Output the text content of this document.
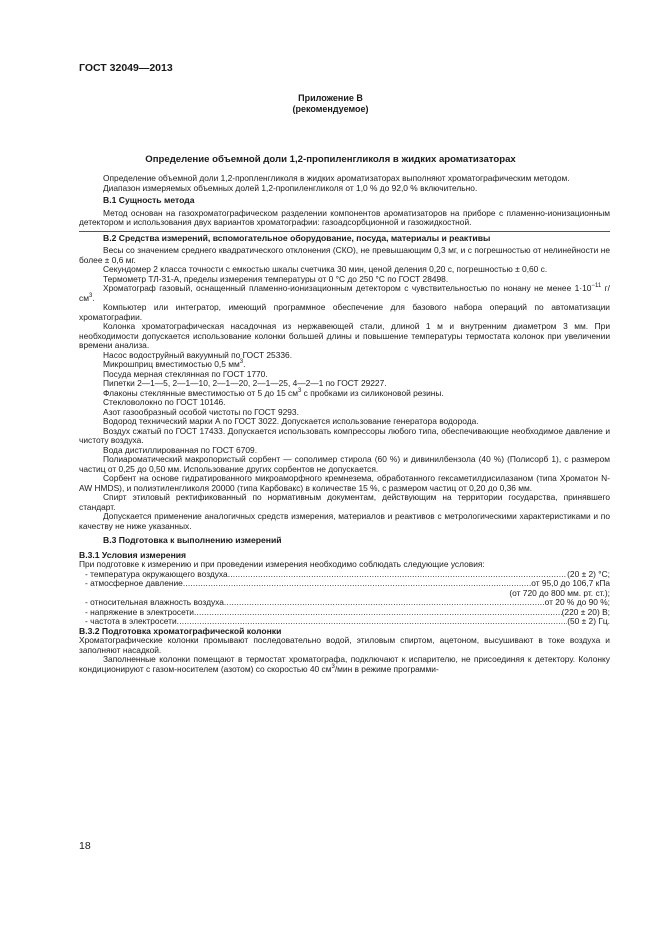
ГОСТ 32049—2013
Приложение В
(рекомендуемое)
Определение объемной доли 1,2-пропиленгликоля в жидких ароматизаторах

Определение объемной доли 1,2-пропленгликоля в жидких ароматизаторах выполняют хроматографическим методом.

Диапазон измеряемых объемных долей 1,2-пропиленгликоля от 1,0 % до 92,0 % включительно.

В.1 Сущность метода

Метод основан на газохроматографическом разделении компонентов ароматизаторов на приборе с пламенно-ионизационным детектором и использования двух вариантов хроматографии: газоадсорбционной и газожидкостной.

В.2 Средства измерений, вспомогательное оборудование, посуда, материалы и реактивы

Весы со значением среднего квадратического отклонения (СКО), не превышающим 0,3 мг, и с погрешностью от нелинейности не более ± 0,6 мг.

Секундомер 2 класса точности с емкостью шкалы счетчика 30 мин, ценой деления 0,20 с, погрешностью ± 0,60 с.

Термометр ТЛ-31-А, пределы измерения температуры от 0 °С до 250 °С по ГОСТ 28498.

Хроматограф газовый, оснащенный пламенно-ионизационным детектором с чувствительностью по нонану не менее $1\cdot 10^{-11}$ $г/см^3$.

Компьютер или интегратор, имеющий программное обеспечение для базового набора операций по автоматизации хроматографии.

Колонка хроматографическая насадочная из нержавеющей стали, длиной 1 м и внутренним диаметром 3 мм. При необходимости допускается использование колонки большей длины и повышение температуры термостата колонок при увеличении времени анализа.

Насос водоструйный вакуумный по ГОСТ 25336.

Микрошприц вместимостью 0,5 $мм^3$.

Посуда мерная стеклянная по ГОСТ 1770.

Пипетки 2—1—5, 2—1—10, 2—1—20, 2—1—25, 4—2—1 по ГОСТ 29227.

Флаконы стеклянные вместимостью от 5 до 15 $см^3$ с пробками из силиконовой резины.

Стекловолокно по ГОСТ 10146.

Азот газообразный особой чистоты по ГОСТ 9293.

Водород технический марки А по ГОСТ 3022. Допускается использование генератора водорода.

Воздух сжатый по ГОСТ 17433. Допускается использовать компрессоры любого типа, обеспечивающие необходимое давление и чистоту воздуха.

Вода дистиллированная по ГОСТ 6709.

Полиароматический макропористый сорбент — сополимер стирола (60 %) и дивинилбензола (40 %) (Полисорб 1), с размером частиц от 0,25 до 0,50 мм. Использование других сорбентов не допускается.

Сорбент на основе гидратированного микроаморфного кремнезема, обработанного гексаметилдисилазаном (типа Хроматон N-AW HMDS), и полиэтиленгликоля 20000 (типа Карбовакс) в количестве 15 %, с размером частиц от 0,20 до 0,36 мм.

Спирт этиловый ректификованный по нормативным документам, действующим на территории государства, принявшего стандарт.

Допускается применение аналогичных средств измерения, материалов и реактивов с метрологическими характеристиками и по качеству не ниже указанных.

В.3 Подготовка к выполнению измерений
В.3.1 Условия измерения

При подготовке к измерению и при проведении измерения необходимо соблюдать следующие условия:

- температура окружающего воздуха .....	(20 ± 2) °С;
- атмосферное давление .....	от 95,0 до 106,7 кПа
(от 720 до 800 мм. рт. ст.);
- относительная влажность воздуха .....	от 20 % до 90 %;
- напряжение в электросети .....	(220 ± 20) В;
- частота в электросети .....	(50 ± 2) Гц.
В.3.2 Подготовка хроматографической колонки

Хроматографические колонки промывают последовательно водой, этиловым спиртом, ацетоном, высушивают в токе воздуха и заполняют насадкой.

Заполненные колонки помещают в термостат хроматографа, подключают к испарителю, не присоединяя к детектору. Колонку кондиционируют с газом-носителем (азотом) со скоростью 40 $см^3$/мин в режиме программи-

18
